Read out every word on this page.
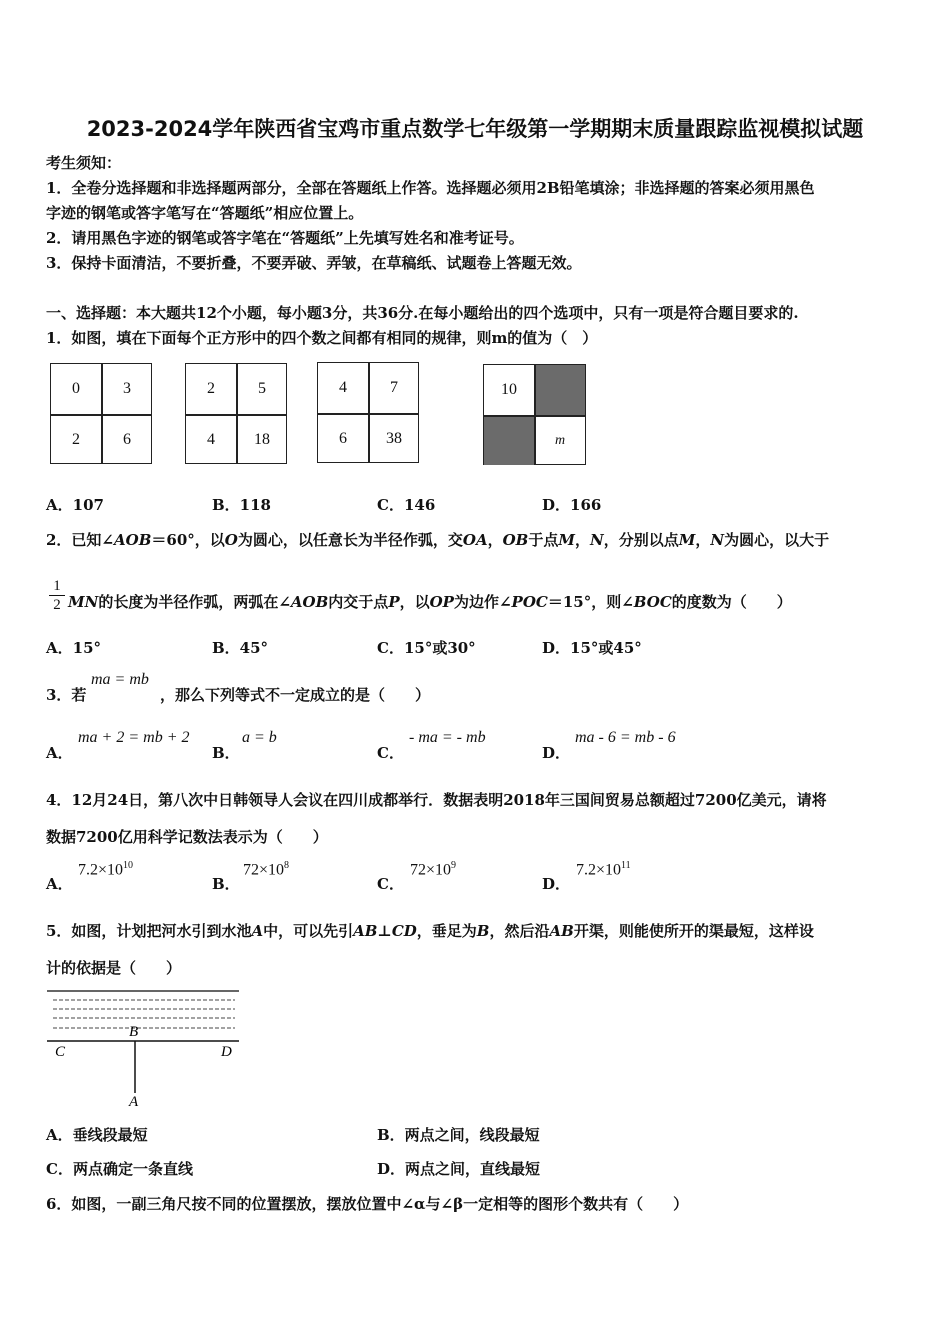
2023-2024学年陕西省宝鸡市重点数学七年级第一学期期末质量跟踪监视模拟试题
考生须知：
1．全卷分选择题和非选择题两部分，全部在答题纸上作答。选择题必须用2B铅笔填涂；非选择题的答案必须用黑色
字迹的钢笔或答字笔写在“答题纸”相应位置上。
2．请用黑色字迹的钢笔或答字笔在“答题纸”上先填写姓名和准考证号。
3．保持卡面清洁，不要折叠，不要弄破、弄皱，在草稿纸、试题卷上答题无效。
一、选择题：本大题共12个小题，每小题3分，共36分.在每小题给出的四个选项中，只有一项是符合题目要求的.
1．如图，填在下面每个正方形中的四个数之间都有相同的规律，则m的值为（　）
0	3
2	6
2	5
4	18
4	7
6	38
10
m
A．107	B．118	C．146	D．166
2．已知∠AOB＝60°，以O为圆心，以任意长为半径作弧，交OA，OB于点M，N，分别以点M，N为圆心，以大于
$\frac{1}{2}$ MN的长度为半径作弧，两弧在∠AOB内交于点P，以OP为边作∠POC＝15°，则∠BOC的度数为（　　）
A．15°	B．45°	C．15°或30°	D．15°或45°
3．若
ma = mb
，那么下列等式不一定成立的是（　　）
A．
ma + 2 = mb + 2
B．
a = b
C．
- ma = - mb
D．
ma - 6 = mb - 6
4．12月24日，第八次中日韩领导人会议在四川成都举行．数据表明2018年三国间贸易总额超过7200亿美元，请将
数据7200亿用科学记数法表示为（　　）
A．
$7.2\times 10^{10}$
B．
$72\times 10^8$
C．
$72\times 10^9$
D．
$7.2\times 10^{11}$
5．如图，计划把河水引到水池A中，可以先引AB⊥CD，垂足为B，然后沿AB开渠，则能使所开的渠最短，这样设
计的依据是（　　）
B
C	D
A
A．垂线段最短	B．两点之间，线段最短
C．两点确定一条直线	D．两点之间，直线最短
6．如图，一副三角尺按不同的位置摆放，摆放位置中∠α与∠β一定相等的图形个数共有（　　）
